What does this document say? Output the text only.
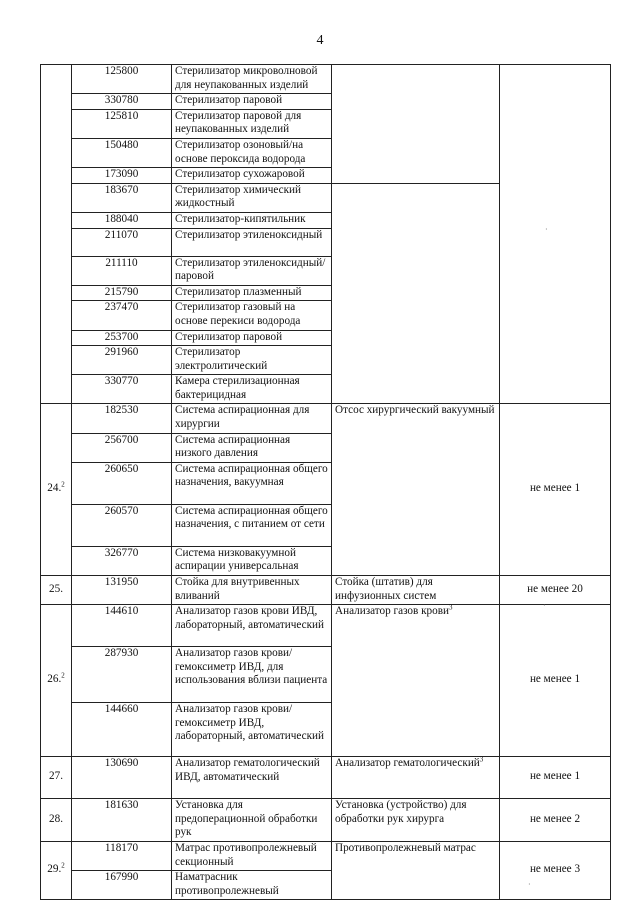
4
	125800	Стерилизатор микроволновой для неупакованных изделий		
	330780	Стерилизатор паровой		
	125810	Стерилизатор паровой для неупакованных изделий		
	150480	Стерилизатор озоновый/на основе пероксида водорода		
	173090	Стерилизатор сухожаровой		
	183670	Стерилизатор химический жидкостный		
	188040	Стерилизатор-кипятильник		
	211070	Стерилизатор этиленоксидный		
	211110	Стерилизатор этиленоксидный/паровой		
	215790	Стерилизатор плазменный		
	237470	Стерилизатор газовый на основе перекиси водорода		
	253700	Стерилизатор паровой		
	291960	Стерилизатор электролитический		
	330770	Камера стерилизационная бактерицидная		
24.$^2$	182530	Система аспирационная для хирургии	Отсос хирургический вакуумный	не менее 1
	256700	Система аспирационная низкого давления		
	260650	Система аспирационная общего назначения, вакуумная		
	260570	Система аспирационная общего назначения, с питанием от сети		
	326770	Система низковакуумной аспирации универсальная		
25.	131950	Стойка для внутривенных вливаний	Стойка (штатив) для инфузионных систем	не менее 20
26.$^2$	144610	Анализатор газов крови ИВД, лабораторный, автоматический	Анализатор газов крови$^3$	не менее 1
	287930	Анализатор газов крови/гемоксиметр ИВД, для использования вблизи пациента		
	144660	Анализатор газов крови/гемоксиметр ИВД, лабораторный, автоматический		
27.	130690	Анализатор гематологический ИВД, автоматический	Анализатор гематологический$^3$	не менее 1
28.	181630	Установка для предоперационной обработки рук	Установка (устройство) для обработки рук хирурга	не менее 2
29.$^2$	118170	Матрас противопролежневый секционный	Противопролежневый матрас	не менее 3
	167990	Наматрасник противопролежневый		
·
·
·
